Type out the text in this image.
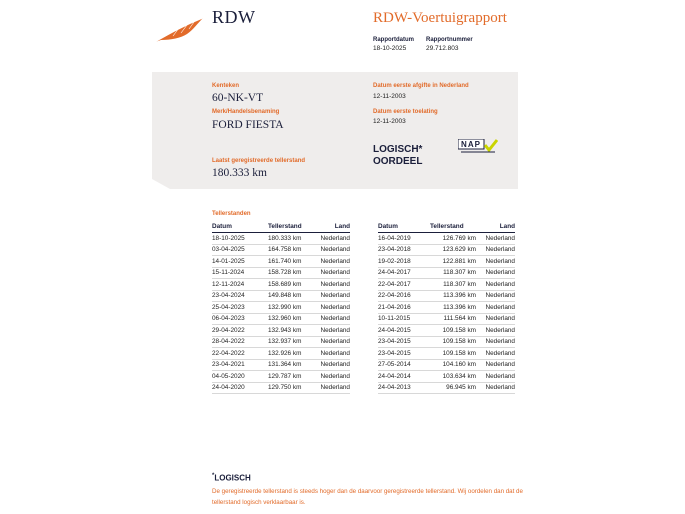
RDW	RDW-Voertuigrapport
Rapportdatum
18-10-2025
Rapportnummer
29.712.803
Kenteken
60-NK-VT
Merk/Handelsbenaming
FORD FIESTA
Laatst geregistreerde tellerstand
180.333 km
Datum eerste afgifte in Nederland
12-11-2003
Datum eerste toelating
12-11-2003
LOGISCH*
OORDEEL
NAP
Tellerstanden
Datum	Tellerstand	Land
18-10-2025	180.333 km	Nederland
03-04-2025	164.758 km	Nederland
14-01-2025	161.740 km	Nederland
15-11-2024	158.728 km	Nederland
12-11-2024	158.689 km	Nederland
23-04-2024	149.848 km	Nederland
25-04-2023	132.990 km	Nederland
06-04-2023	132.960 km	Nederland
29-04-2022	132.943 km	Nederland
28-04-2022	132.937 km	Nederland
22-04-2022	132.926 km	Nederland
23-04-2021	131.364 km	Nederland
04-05-2020	129.787 km	Nederland
24-04-2020	129.750 km	Nederland
Datum	Tellerstand	Land
16-04-2019	126.769 km	Nederland
23-04-2018	123.629 km	Nederland
19-02-2018	122.881 km	Nederland
24-04-2017	118.307 km	Nederland
22-04-2017	118.307 km	Nederland
22-04-2016	113.396 km	Nederland
21-04-2016	113.396 km	Nederland
10-11-2015	111.564 km	Nederland
24-04-2015	109.158 km	Nederland
23-04-2015	109.158 km	Nederland
23-04-2015	109.158 km	Nederland
27-05-2014	104.160 km	Nederland
24-04-2014	103.634 km	Nederland
24-04-2013	96.945 km	Nederland
*LOGISCH
De geregistreerde tellerstand is steeds hoger dan de daarvoor geregistreerde tellerstand. Wij oordelen dan dat de tellerstand logisch verklaarbaar is.
